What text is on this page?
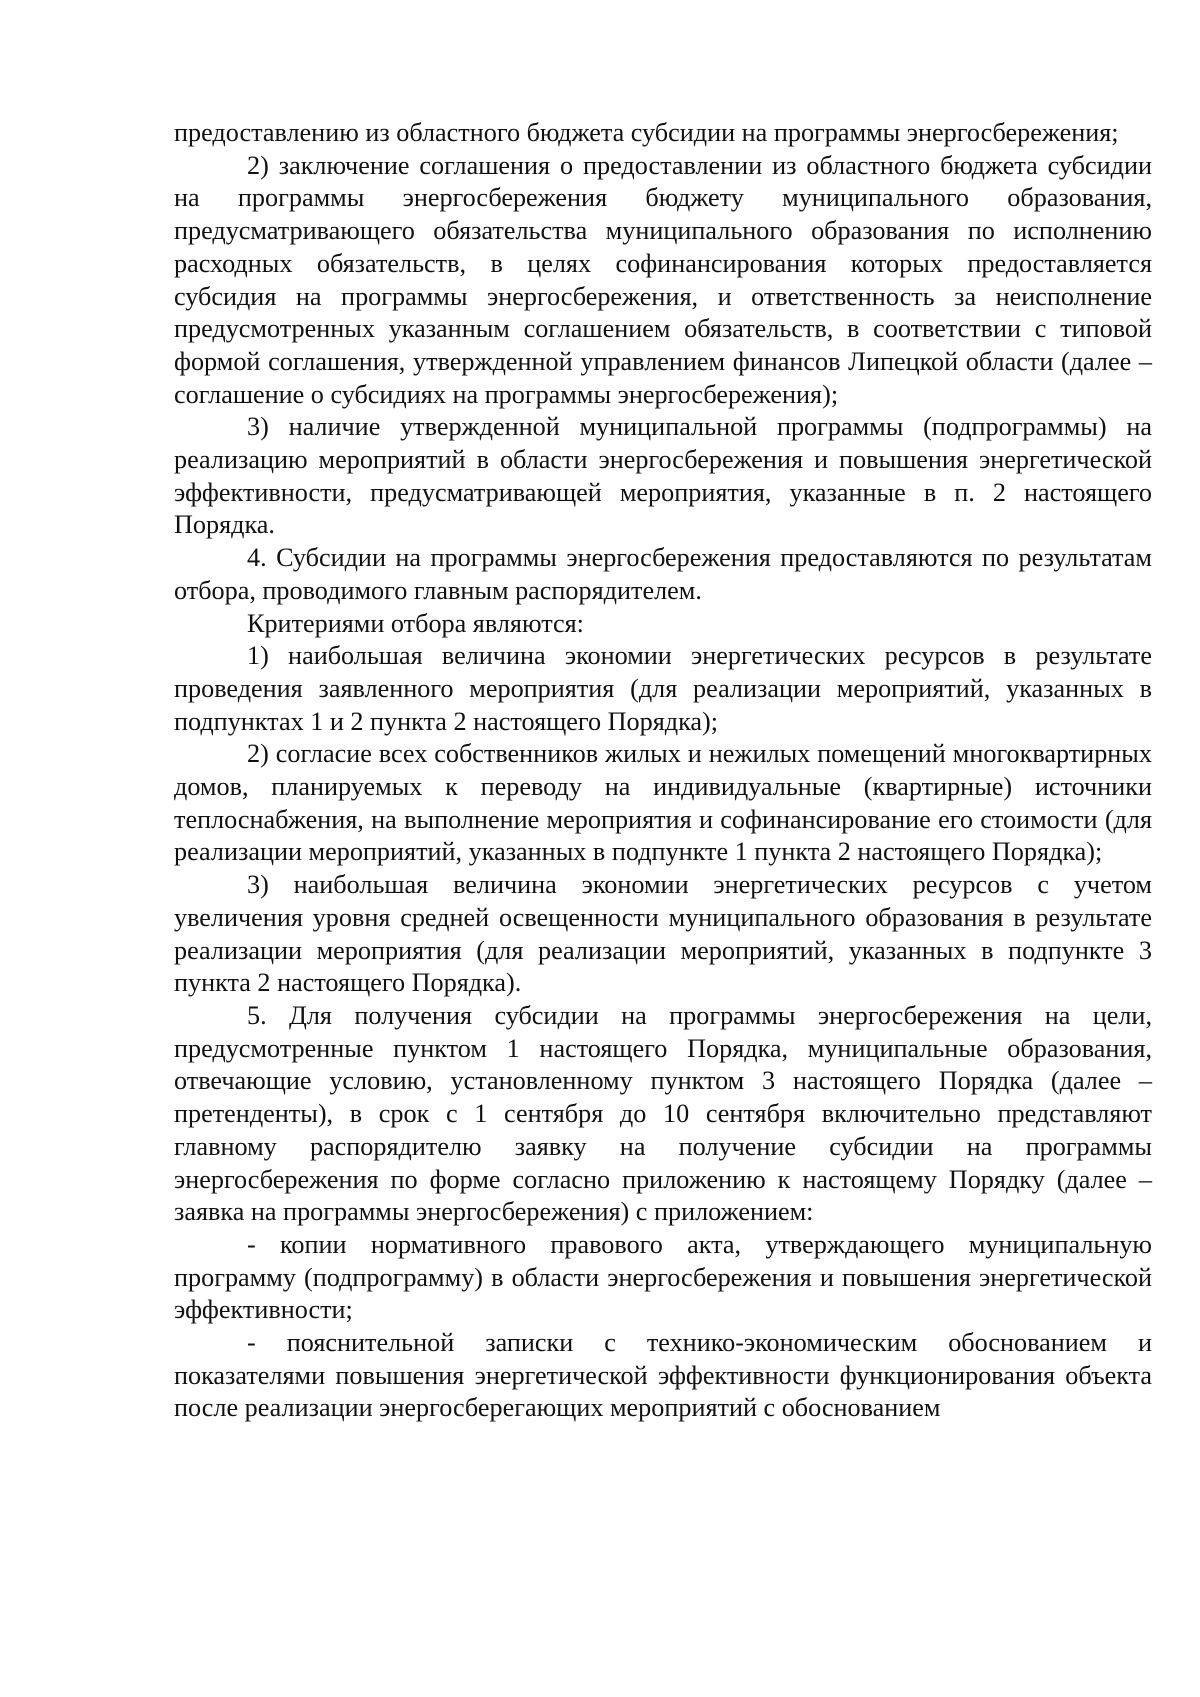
предоставлению из областного бюджета субсидии на программы энергосбережения;

2) заключение соглашения о предоставлении из областного бюджета субсидии на программы энергосбережения бюджету муниципального образования, предусматривающего обязательства муниципального образования по исполнению расходных обязательств, в целях софинансирования которых предоставляется субсидия на программы энергосбережения, и ответственность за неисполнение предусмотренных указанным соглашением обязательств, в соответствии с типовой формой соглашения, утвержденной управлением финансов Липецкой области (далее – соглашение о субсидиях на программы энергосбережения);

3) наличие утвержденной муниципальной программы (подпрограммы) на реализацию мероприятий в области энергосбережения и повышения энергетической эффективности, предусматривающей мероприятия, указанные в п. 2 настоящего Порядка.

4. Субсидии на программы энергосбережения предоставляются по результатам отбора, проводимого главным распорядителем.

Критериями отбора являются:

1) наибольшая величина экономии энергетических ресурсов в результате проведения заявленного мероприятия (для реализации мероприятий, указанных в подпунктах 1 и 2 пункта 2 настоящего Порядка);

2) согласие всех собственников жилых и нежилых помещений многоквартирных домов, планируемых к переводу на индивидуальные (квартирные) источники теплоснабжения, на выполнение мероприятия и софинансирование его стоимости (для реализации мероприятий, указанных в подпункте 1 пункта 2 настоящего Порядка);

3) наибольшая величина экономии энергетических ресурсов с учетом увеличения уровня средней освещенности муниципального образования в результате реализации мероприятия (для реализации мероприятий, указанных в подпункте 3 пункта 2 настоящего Порядка).

5. Для получения субсидии на программы энергосбережения на цели, предусмотренные пунктом 1 настоящего Порядка, муниципальные образования, отвечающие условию, установленному пунктом 3 настоящего Порядка (далее – претенденты), в срок с 1 сентября до 10 сентября включительно представляют главному распорядителю заявку на получение субсидии на программы энергосбережения по форме согласно приложению к настоящему Порядку (далее – заявка на программы энергосбережения) с приложением:

- копии нормативного правового акта, утверждающего муниципальную программу (подпрограмму) в области энергосбережения и повышения энергетической эффективности;

- пояснительной записки с технико-экономическим обоснованием и показателями повышения энергетической эффективности функционирования объекта после реализации энергосберегающих мероприятий с обоснованием
